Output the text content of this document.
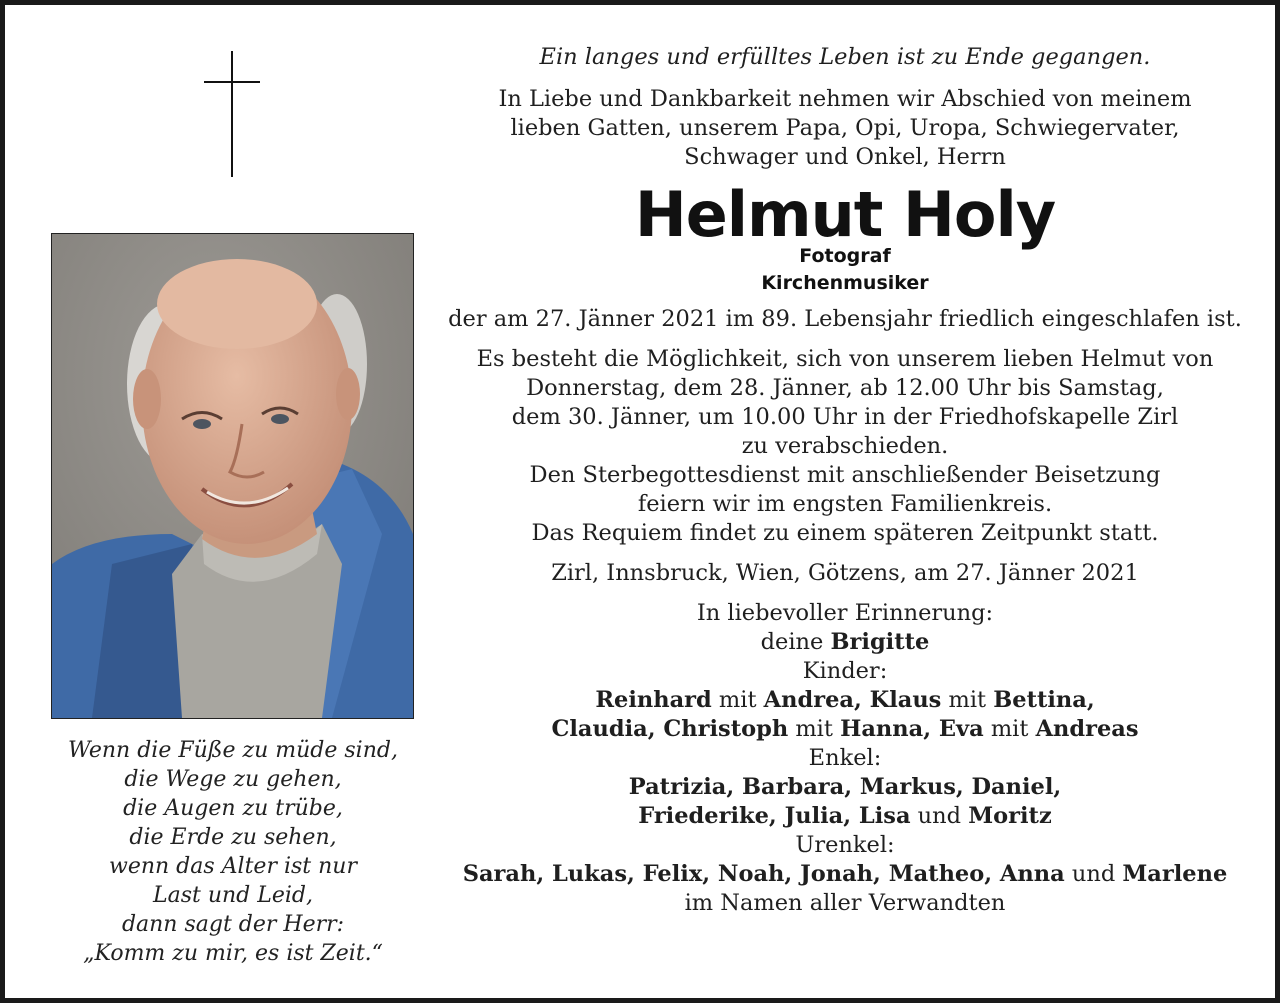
Wenn die Füße zu müde sind,
die Wege zu gehen,
die Augen zu trübe,
die Erde zu sehen,
wenn das Alter ist nur
Last und Leid,
dann sagt der Herr:
„Komm zu mir, es ist Zeit.“
Ein langes und erfülltes Leben ist zu Ende gegangen.
In Liebe und Dankbarkeit nehmen wir Abschied von meinem
lieben Gatten, unserem Papa, Opi, Uropa, Schwiegervater,
Schwager und Onkel, Herrn
Helmut Holy
Fotograf
Kirchenmusiker
der am 27. Jänner 2021 im 89. Lebensjahr friedlich eingeschlafen ist.
Es besteht die Möglichkeit, sich von unserem lieben Helmut von
Donnerstag, dem 28. Jänner, ab 12.00 Uhr bis Samstag,
dem 30. Jänner, um 10.00 Uhr in der Friedhofskapelle Zirl
zu verabschieden.
Den Sterbegottesdienst mit anschließender Beisetzung
feiern wir im engsten Familienkreis.
Das Requiem findet zu einem späteren Zeitpunkt statt.
Zirl, Innsbruck, Wien, Götzens, am 27. Jänner 2021
In liebevoller Erinnerung:
deine Brigitte
Kinder:
Reinhard mit Andrea, Klaus mit Bettina,
Claudia, Christoph mit Hanna, Eva mit Andreas
Enkel:
Patrizia, Barbara, Markus, Daniel,
Friederike, Julia, Lisa und Moritz
Urenkel:
Sarah, Lukas, Felix, Noah, Jonah, Matheo, Anna und Marlene
im Namen aller Verwandten
